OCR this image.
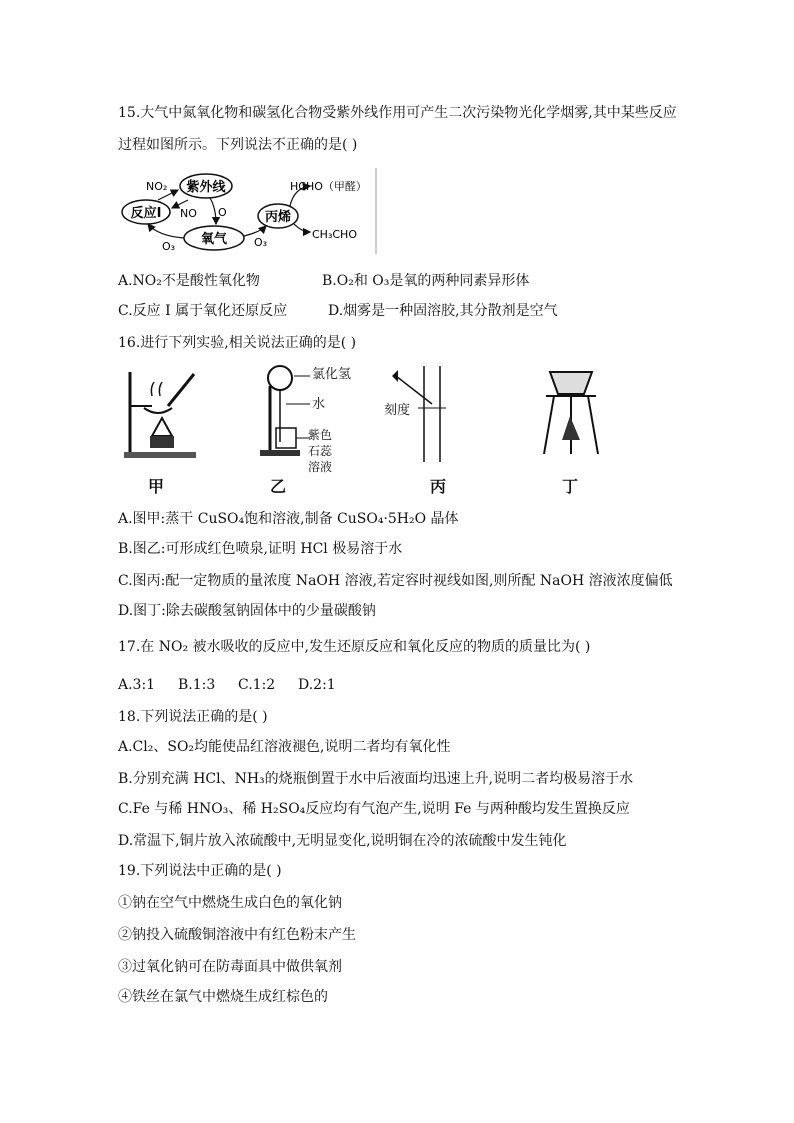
15.大气中氮氧化物和碳氢化合物受紫外线作用可产生二次污染物光化学烟雾,其中某些反应
过程如图所示。下列说法不正确的是( )
紫外线
反应I
氧气
丙烯
NO₂
NO O
O₃	O₃
HCHO（甲醛）
CH₃CHO
A.NO₂不是酸性氧化物	B.O₂和 O₃是氧的两种同素异形体
C.反应 I 属于氧化还原反应	D.烟雾是一种固溶胶,其分散剂是空气
16.进行下列实验,相关说法正确的是( )
甲
氯化氢
水
紫色
石蕊
溶液
乙
刻度
丙	丁
A.图甲:蒸干 CuSO₄饱和溶液,制备 CuSO₄·5H₂O 晶体
B.图乙:可形成红色喷泉,证明 HCl 极易溶于水
C.图丙:配一定物质的量浓度 NaOH 溶液,若定容时视线如图,则所配 NaOH 溶液浓度偏低
D.图丁:除去碳酸氢钠固体中的少量碳酸钠
17.在 NO₂ 被水吸收的反应中,发生还原反应和氧化反应的物质的质量比为( )
A.3:1 B.1:3 C.1:2 D.2:1
18.下列说法正确的是( )
A.Cl₂、SO₂均能使品红溶液褪色,说明二者均有氧化性
B.分别充满 HCl、NH₃的烧瓶倒置于水中后液面均迅速上升,说明二者均极易溶于水
C.Fe 与稀 HNO₃、稀 H₂SO₄反应均有气泡产生,说明 Fe 与两种酸均发生置换反应
D.常温下,铜片放入浓硫酸中,无明显变化,说明铜在冷的浓硫酸中发生钝化
19.下列说法中正确的是( )
①钠在空气中燃烧生成白色的氧化钠
②钠投入硫酸铜溶液中有红色粉末产生
③过氧化钠可在防毒面具中做供氧剂
④铁丝在氯气中燃烧生成红棕色的
